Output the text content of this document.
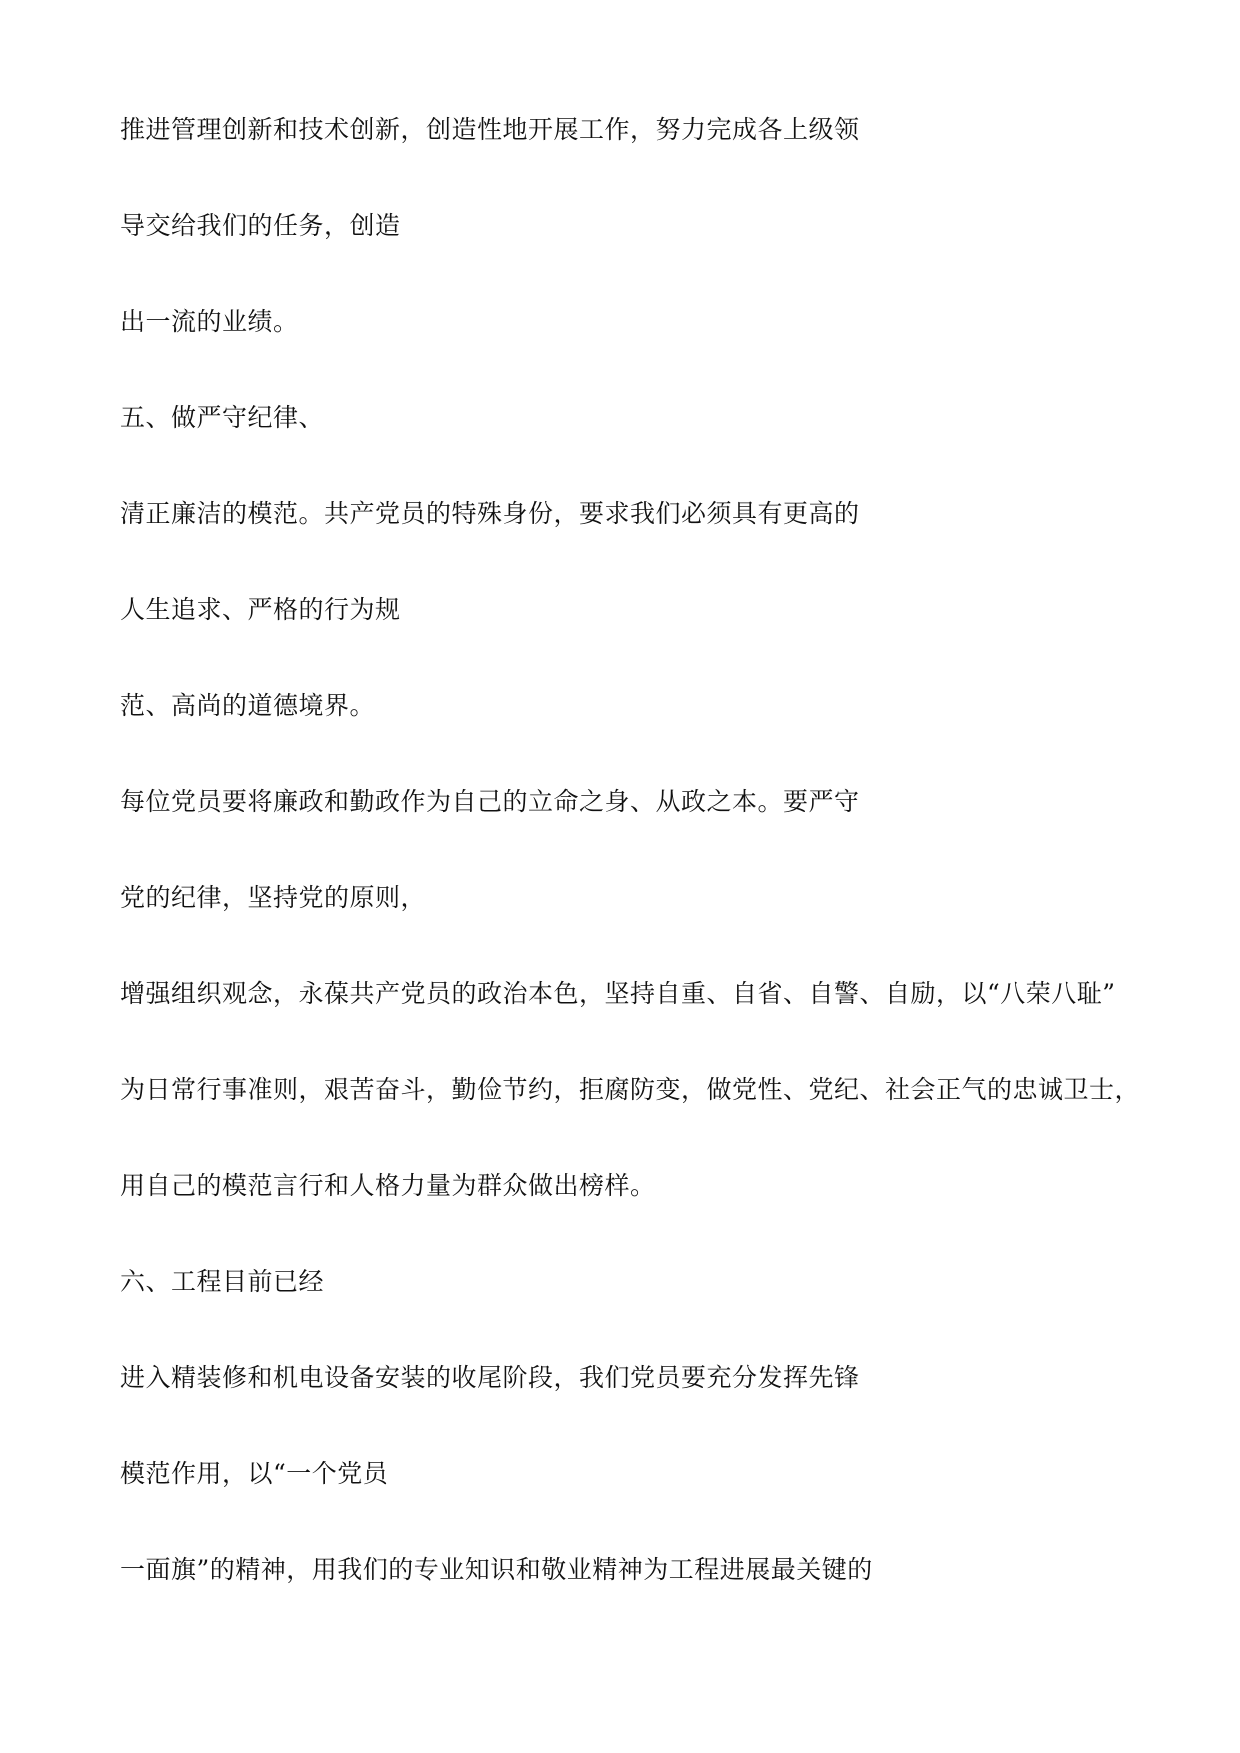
推进管理创新和技术创新，创造性地开展工作，努力完成各上级领

导交给我们的任务，创造

出一流的业绩。

五、做严守纪律、

清正廉洁的模范。共产党员的特殊身份，要求我们必须具有更高的

人生追求、严格的行为规

范、高尚的道德境界。

每位党员要将廉政和勤政作为自己的立命之身、从政之本。要严守

党的纪律，坚持党的原则，

增强组织观念，永葆共产党员的政治本色，坚持自重、自省、自警、自励，以“八荣八耻”

为日常行事准则，艰苦奋斗，勤俭节约，拒腐防变，做党性、党纪、社会正气的忠诚卫士，

用自己的模范言行和人格力量为群众做出榜样。

六、工程目前已经

进入精装修和机电设备安装的收尾阶段，我们党员要充分发挥先锋

模范作用，以“一个党员

一面旗”的精神，用我们的专业知识和敬业精神为工程进展最关键的
